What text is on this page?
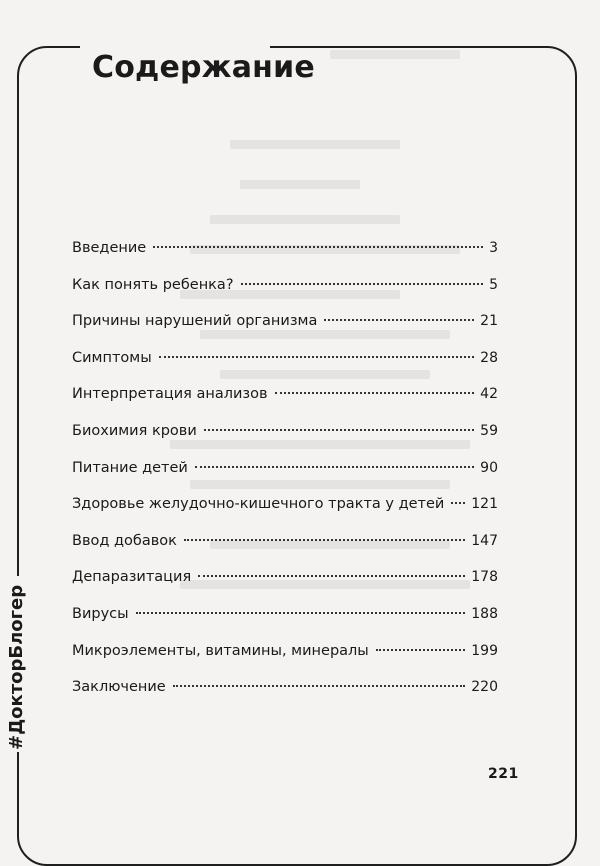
Содержание
#ДокторБлогер
Введение	3
Как понять ребенка?	5
Причины нарушений организма	21
Симптомы	28
Интерпретация анализов	42
Биохимия крови	59
Питание детей	90
Здоровье желудочно-кишечного тракта у детей 121
Ввод добавок	147
Депаразитация	178
Вирусы	188
Микроэлементы, витамины, минералы	199
Заключение	220
221
